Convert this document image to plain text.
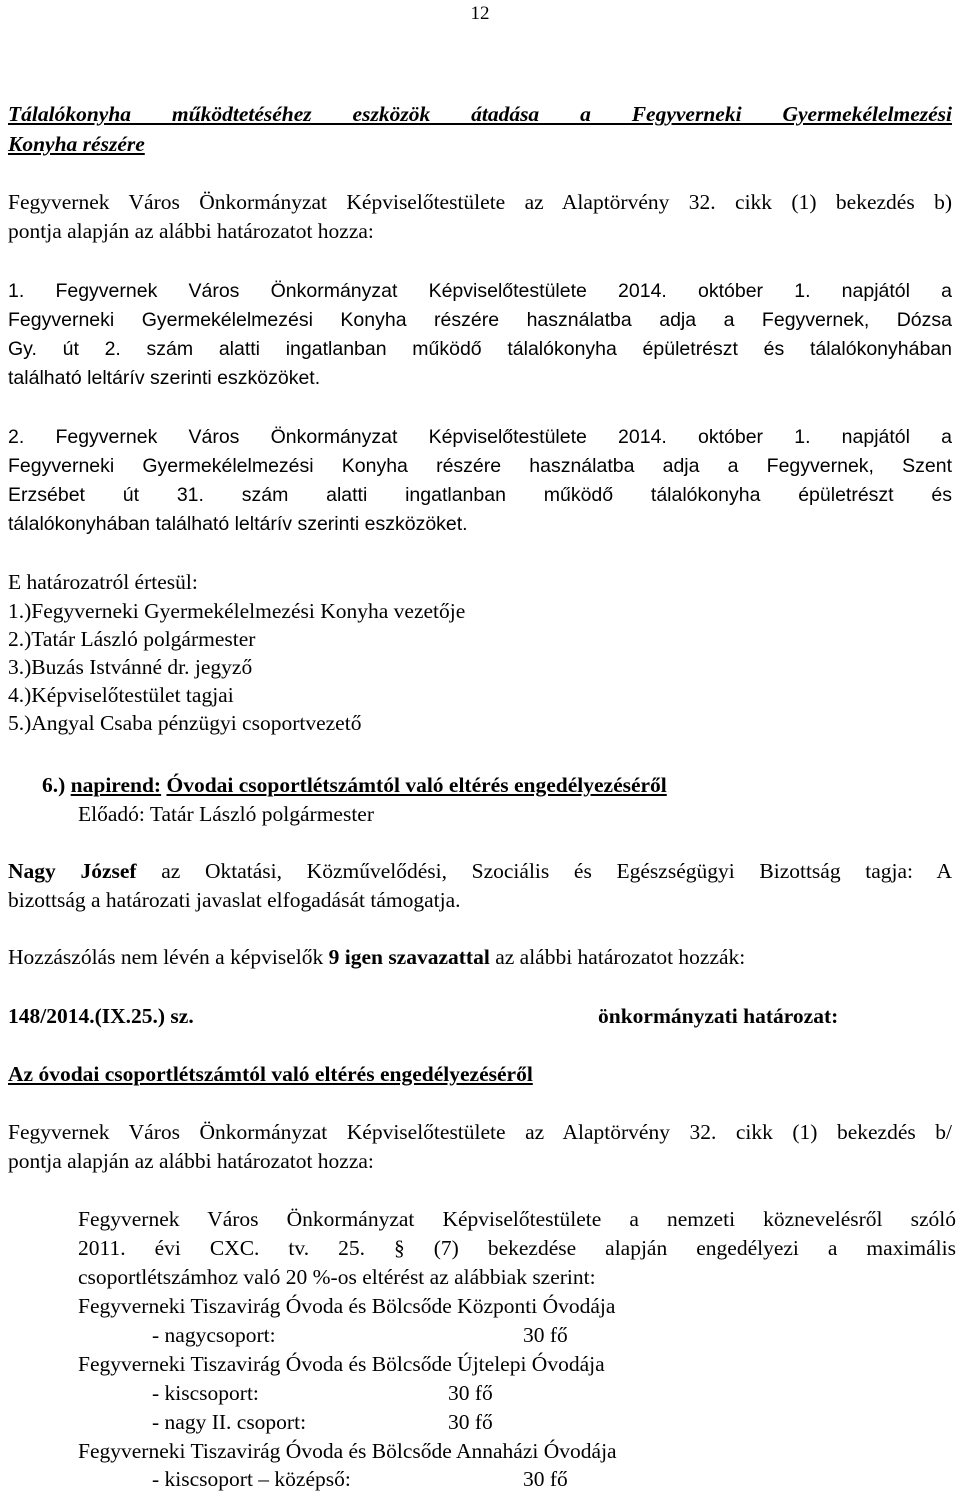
12
Tálalókonyha működtetéséhez eszközök átadása a Fegyverneki Gyermekélelmezési
Konyha részére
Fegyvernek Város Önkormányzat Képviselőtestülete az Alaptörvény 32. cikk (1) bekezdés b)
pontja alapján az alábbi határozatot hozza:
1. Fegyvernek Város Önkormányzat Képviselőtestülete 2014. október 1. napjától a
Fegyverneki Gyermekélelmezési Konyha részére használatba adja a Fegyvernek, Dózsa
Gy. út 2. szám alatti ingatlanban működő tálalókonyha épületrészt és tálalókonyhában
található leltárív szerinti eszközöket.
2. Fegyvernek Város Önkormányzat Képviselőtestülete 2014. október 1. napjától a
Fegyverneki Gyermekélelmezési Konyha részére használatba adja a Fegyvernek, Szent
Erzsébet út 31. szám alatti ingatlanban működő tálalókonyha épületrészt és
tálalókonyhában található leltárív szerinti eszközöket.
E határozatról értesül:
1.)Fegyverneki Gyermekélelmezési Konyha vezetője
2.)Tatár László polgármester
3.)Buzás Istvánné dr. jegyző
4.)Képviselőtestület tagjai
5.)Angyal Csaba pénzügyi csoportvezető
6.) napirend: Óvodai csoportlétszámtól való eltérés engedélyezéséről
Előadó: Tatár László polgármester
Nagy József az Oktatási, Közművelődési, Szociális és Egészségügyi Bizottság tagja: A
bizottság a határozati javaslat elfogadását támogatja.
Hozzászólás nem lévén a képviselők 9 igen szavazattal az alábbi határozatot hozzák:
148/2014.(IX.25.) sz.	önkormányzati határozat:
Az óvodai csoportlétszámtól való eltérés engedélyezéséről
Fegyvernek Város Önkormányzat Képviselőtestülete az Alaptörvény 32. cikk (1) bekezdés b/
pontja alapján az alábbi határozatot hozza:
Fegyvernek Város Önkormányzat Képviselőtestülete a nemzeti köznevelésről szóló
2011. évi CXC. tv. 25. § (7) bekezdése alapján engedélyezi a maximális
csoportlétszámhoz való 20 %-os eltérést az alábbiak szerint:
Fegyverneki Tiszavirág Óvoda és Bölcsőde Központi Óvodája
- nagycsoport:	30 fő
Fegyverneki Tiszavirág Óvoda és Bölcsőde Újtelepi Óvodája
- kiscsoport:	30 fő
- nagy II. csoport:	30 fő
Fegyverneki Tiszavirág Óvoda és Bölcsőde Annaházi Óvodája
- kiscsoport – középső:	30 fő
